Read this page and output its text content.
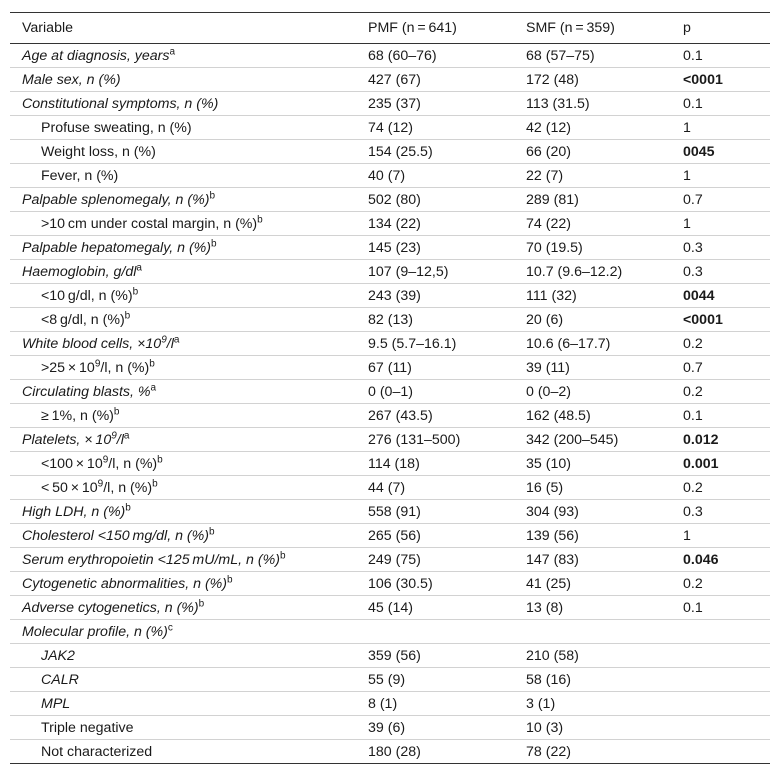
Variable	PMF (n = 641)	SMF (n = 359)	p
Age at diagnosis, years$^a$	68 (60–76)	68 (57–75)	0.1
Male sex, n (%)	427 (67)	172 (48)	<0001
Constitutional symptoms, n (%)	235 (37)	113 (31.5)	0.1
Profuse sweating, n (%)	74 (12)	42 (12)	1
Weight loss, n (%)	154 (25.5)	66 (20)	0045
Fever, n (%)	40 (7)	22 (7)	1
Palpable splenomegaly, n (%)$^b$	502 (80)	289 (81)	0.7
>10 cm under costal margin, n (%)$^b$	134 (22)	74 (22)	1
Palpable hepatomegaly, n (%)$^b$	145 (23)	70 (19.5)	0.3
Haemoglobin, $g/dl^a$	107 (9–12,5)	10.7 (9.6–12.2)	0.3
<10 g/dl, n (%)$^b$	243 (39)	111 (32)	0044
<8 g/dl, n (%)$^b$	82 (13)	20 (6)	<0001
White blood cells, $\times 10^9/l^a$	9.5 (5.7–16.1)	10.6 (6–17.7)	0.2
$>25 \times 10^9/l$, n (%)$^b$	67 (11)	39 (11)	0.7
Circulating blasts, %$^a$	0 (0–1)	0 (0–2)	0.2
≥ 1%, n (%)$^b$	267 (43.5)	162 (48.5)	0.1
Platelets, × $10^9/l^a$	276 (131–500)	342 (200–545)	0.012
$<100 \times 10^9/l$, n (%)$^b$	114 (18)	35 (10)	0.001
< $50 \times 10^9/l$, n (%)$^b$	44 (7)	16 (5)	0.2
High LDH, n (%)$^b$	558 (91)	304 (93)	0.3
Cholesterol <150 mg/dl, n (%)$^b$	265 (56)	139 (56)	1
Serum erythropoietin <125 mU/mL, n (%)$^b$	249 (75)	147 (83)	0.046
Cytogenetic abnormalities, n (%)$^b$	106 (30.5)	41 (25)	0.2
Adverse cytogenetics, n (%)$^b$	45 (14)	13 (8)	0.1
Molecular profile, n (%)$^c$			
JAK2	359 (56)	210 (58)	
CALR	55 (9)	58 (16)	
MPL	8 (1)	3 (1)	
Triple negative	39 (6)	10 (3)	
Not characterized	180 (28)	78 (22)	
